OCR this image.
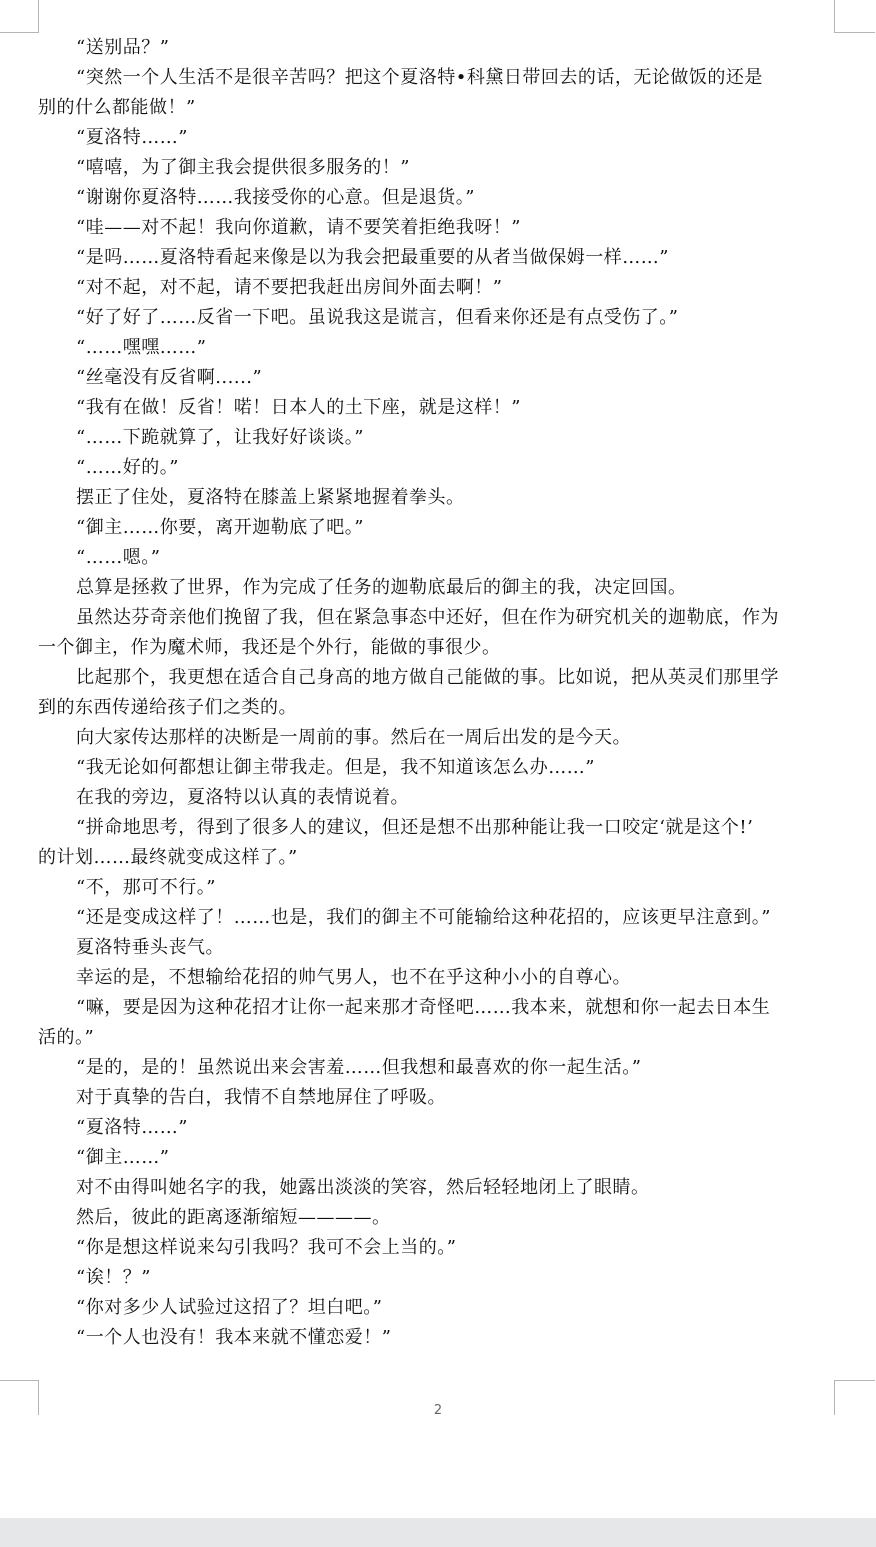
“送别品？”
“突然一个人生活不是很辛苦吗？把这个夏洛特•科黛日带回去的话，无论做饭的还是
别的什么都能做！”
“夏洛特……”
“嘻嘻，为了御主我会提供很多服务的！”
“谢谢你夏洛特……我接受你的心意。但是退货。”
“哇——对不起！我向你道歉，请不要笑着拒绝我呀！”
“是吗……夏洛特看起来像是以为我会把最重要的从者当做保姆一样……”
“对不起，对不起，请不要把我赶出房间外面去啊！”
“好了好了……反省一下吧。虽说我这是谎言，但看来你还是有点受伤了。”
“……嘿嘿……”
“丝毫没有反省啊......”
“我有在做！反省！喏！日本人的土下座，就是这样！”
“……下跪就算了，让我好好谈谈。”
“……好的。”
摆正了住处，夏洛特在膝盖上紧紧地握着拳头。
“御主……你要，离开迦勒底了吧。”
“……嗯。”
总算是拯救了世界，作为完成了任务的迦勒底最后的御主的我，决定回国。
虽然达芬奇亲他们挽留了我，但在紧急事态中还好，但在作为研究机关的迦勒底，作为
一个御主，作为魔术师，我还是个外行，能做的事很少。
比起那个，我更想在适合自己身高的地方做自己能做的事。比如说，把从英灵们那里学
到的东西传递给孩子们之类的。
向大家传达那样的决断是一周前的事。然后在一周后出发的是今天。
“我无论如何都想让御主带我走。但是，我不知道该怎么办……”
在我的旁边，夏洛特以认真的表情说着。
“拼命地思考，得到了很多人的建议，但还是想不出那种能让我一口咬定‘就是这个!’
的计划……最终就变成这样了。”
“不，那可不行。”
“还是变成这样了！……也是，我们的御主不可能输给这种花招的，应该更早注意到。”
夏洛特垂头丧气。
幸运的是，不想输给花招的帅气男人，也不在乎这种小小的自尊心。
“嘛，要是因为这种花招才让你一起来那才奇怪吧……我本来，就想和你一起去日本生
活的。”
“是的，是的！虽然说出来会害羞……但我想和最喜欢的你一起生活。”
对于真挚的告白，我情不自禁地屏住了呼吸。
“夏洛特……”
“御主……”
对不由得叫她名字的我，她露出淡淡的笑容，然后轻轻地闭上了眼睛。
然后，彼此的距离逐渐缩短————。
“你是想这样说来勾引我吗？我可不会上当的。”
“诶！？”
“你对多少人试验过这招了？坦白吧。”
“一个人也没有！我本来就不懂恋爱！”
2
